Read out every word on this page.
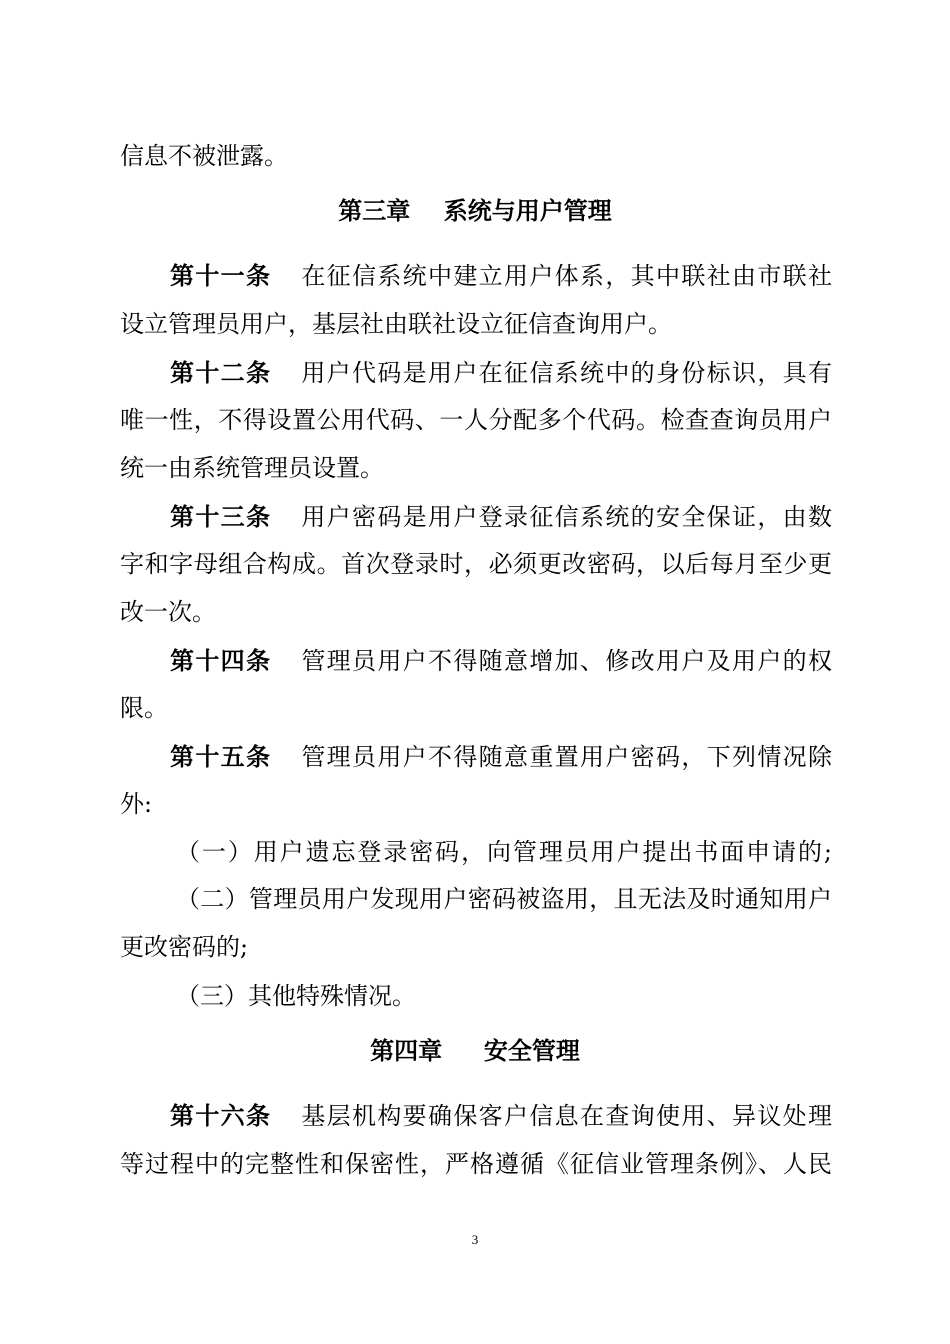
信息不被泄露。
第三章 系统与用户管理
第十一条 在征信系统中建立用户体系，其中联社由市联社
设立管理员用户，基层社由联社设立征信查询用户。
第十二条 用户代码是用户在征信系统中的身份标识，具有
唯一性，不得设置公用代码、一人分配多个代码。检查查询员用户
统一由系统管理员设置。
第十三条 用户密码是用户登录征信系统的安全保证，由数
字和字母组合构成。首次登录时，必须更改密码，以后每月至少更
改一次。
第十四条 管理员用户不得随意增加、修改用户及用户的权
限。
第十五条 管理员用户不得随意重置用户密码，下列情况除
外:
（一）用户遗忘登录密码，向管理员用户提出书面申请的;
（二）管理员用户发现用户密码被盗用，且无法及时通知用户
更改密码的;
（三）其他特殊情况。
第四章 安全管理
第十六条 基层机构要确保客户信息在查询使用、异议处理
等过程中的完整性和保密性，严格遵循《征信业管理条例》、人民
3
